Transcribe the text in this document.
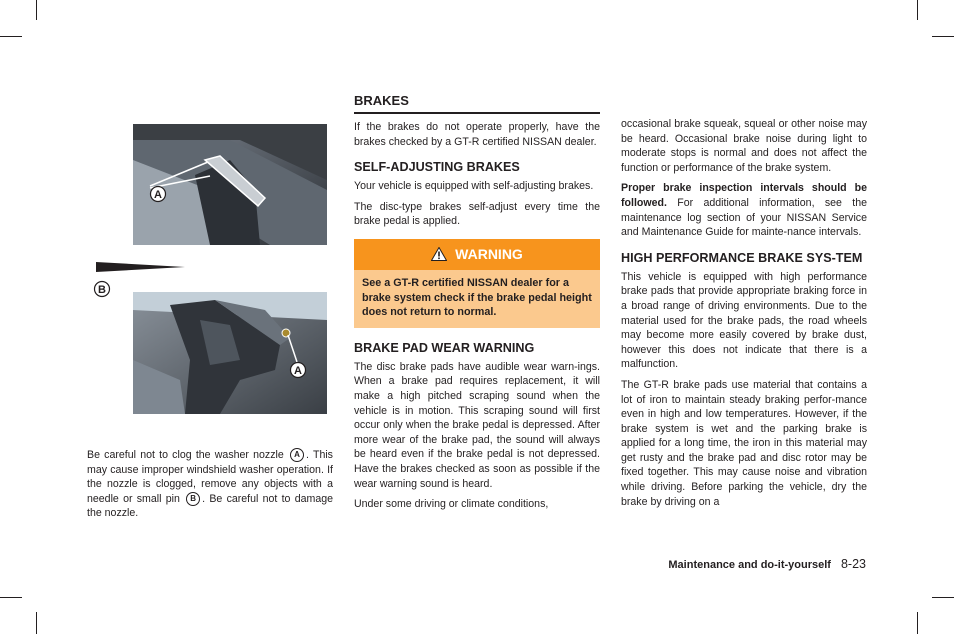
A
B
A

Be careful not to clog the washer nozzle A . This may cause improper windshield washer operation. If the nozzle is clogged, remove any objects with a needle or small pin B . Be careful not to damage the nozzle.

BRAKES

If the brakes do not operate properly, have the brakes checked by a GT-R certified NISSAN dealer.

SELF-ADJUSTING BRAKES

Your vehicle is equipped with self-adjusting brakes.

The disc-type brakes self-adjust every time the brake pedal is applied.

WARNING
See a GT-R certified NISSAN dealer for a brake system check if the brake pedal height does not return to normal.
BRAKE PAD WEAR WARNING

The disc brake pads have audible wear warn-ings. When a brake pad requires replacement, it will make a high pitched scraping sound when the vehicle is in motion. This scraping sound will first occur only when the brake pedal is depressed. After more wear of the brake pad, the sound will always be heard even if the brake pedal is not depressed. Have the brakes checked as soon as possible if the wear warning sound is heard.

Under some driving or climate conditions,

occasional brake squeak, squeal or other noise may be heard. Occasional brake noise during light to moderate stops is normal and does not affect the function or performance of the brake system.

Proper brake inspection intervals should be followed. For additional information, see the maintenance log section of your NISSAN Service and Maintenance Guide for mainte-nance intervals.

HIGH PERFORMANCE BRAKE SYS-TEM

This vehicle is equipped with high performance brake pads that provide appropriate braking force in a broad range of driving environments. Due to the material used for the brake pads, the road wheels may become more easily covered by brake dust, however this does not indicate that there is a malfunction.

The GT-R brake pads use material that contains a lot of iron to maintain steady braking perfor-mance even in high and low temperatures. However, if the brake system is wet and the parking brake is applied for a long time, the iron in this material may get rusty and the brake pad and disc rotor may be fixed together. This may cause noise and vibration while driving. Before parking the vehicle, dry the brake by driving on a

Maintenance and do-it-yourself 8-23
